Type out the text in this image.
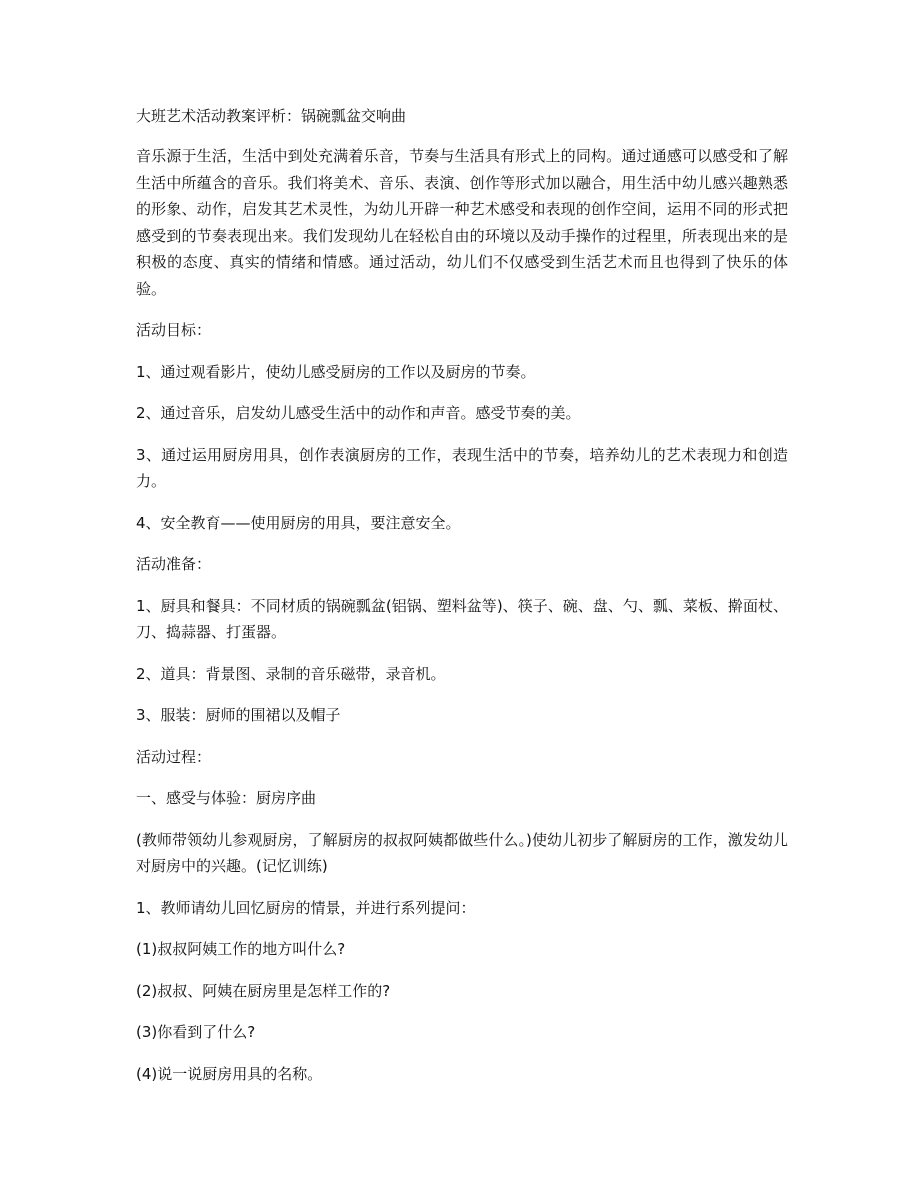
大班艺术活动教案评析：锅碗瓢盆交响曲

音乐源于生活，生活中到处充满着乐音，节奏与生活具有形式上的同构。通过通感可以感受和了解生活中所蕴含的音乐。我们将美术、音乐、表演、创作等形式加以融合，用生活中幼儿感兴趣熟悉的形象、动作，启发其艺术灵性，为幼儿开辟一种艺术感受和表现的创作空间，运用不同的形式把感受到的节奏表现出来。我们发现幼儿在轻松自由的环境以及动手操作的过程里，所表现出来的是积极的态度、真实的情绪和情感。通过活动，幼儿们不仅感受到生活艺术而且也得到了快乐的体验。

活动目标：

1、通过观看影片，使幼儿感受厨房的工作以及厨房的节奏。

2、通过音乐，启发幼儿感受生活中的动作和声音。感受节奏的美。

3、通过运用厨房用具，创作表演厨房的工作，表现生活中的节奏，培养幼儿的艺术表现力和创造力。

4、安全教育——使用厨房的用具，要注意安全。

活动准备：

1、厨具和餐具：不同材质的锅碗瓢盆(铝锅、塑料盆等)、筷子、碗、盘、勺、瓢、菜板、擀面杖、刀、捣蒜器、打蛋器。

2、道具：背景图、录制的音乐磁带，录音机。

3、服装：厨师的围裙以及帽子

活动过程：

一、感受与体验：厨房序曲

(教师带领幼儿参观厨房，了解厨房的叔叔阿姨都做些什么。)使幼儿初步了解厨房的工作，激发幼儿对厨房中的兴趣。(记忆训练)

1、教师请幼儿回忆厨房的情景，并进行系列提问：

(1)叔叔阿姨工作的地方叫什么?

(2)叔叔、阿姨在厨房里是怎样工作的?

(3)你看到了什么?

(4)说一说厨房用具的名称。
